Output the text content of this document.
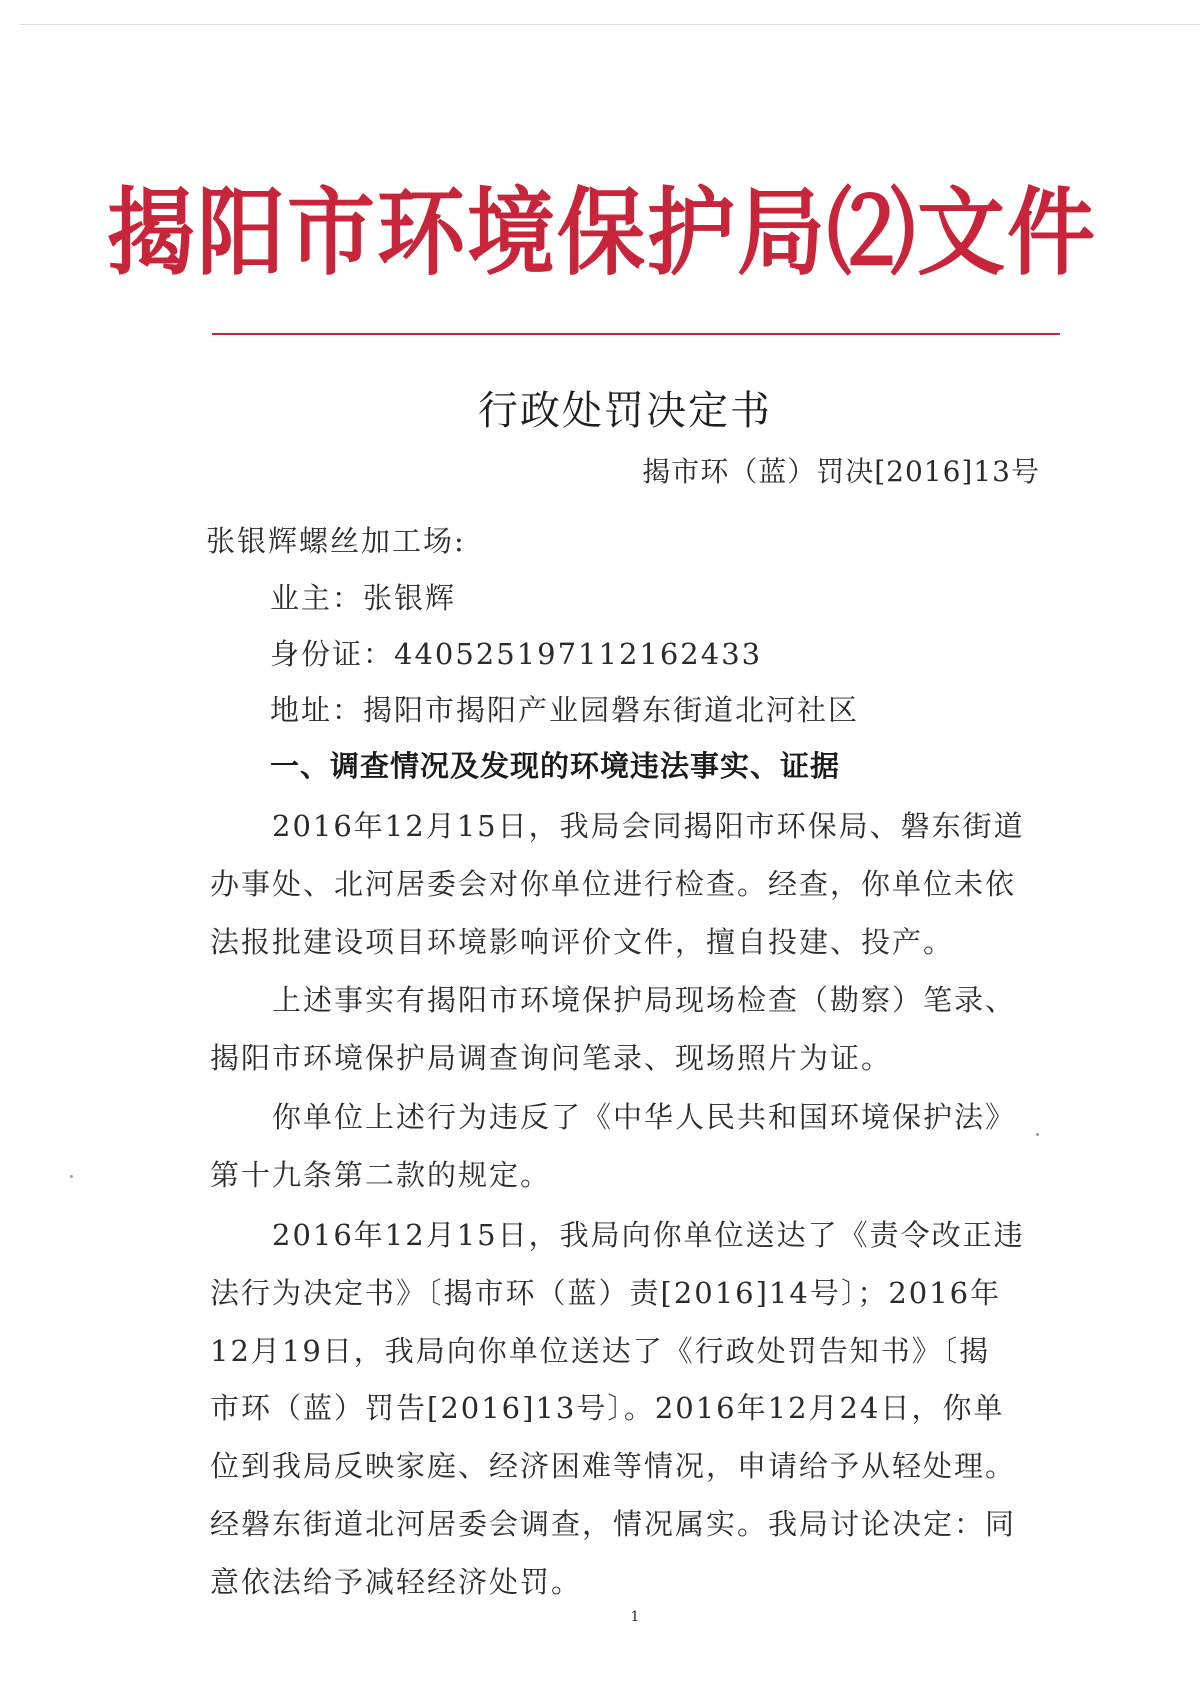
揭阳市环境保护局⑵文件
行政处罚决定书
揭市环（蓝）罚决[2016]13号
张银辉螺丝加工场:
业主：张银辉
身份证：440525197112162433
地址：揭阳市揭阳产业园磐东街道北河社区
一、调查情况及发现的环境违法事实、证据
2016年12月15日，我局会同揭阳市环保局、磐东街道
办事处、北河居委会对你单位进行检查。经查，你单位未依
法报批建设项目环境影响评价文件，擅自投建、投产。
上述事实有揭阳市环境保护局现场检查（勘察）笔录、
揭阳市环境保护局调查询问笔录、现场照片为证。
你单位上述行为违反了《中华人民共和国环境保护法》
第十九条第二款的规定。
2016年12月15日，我局向你单位送达了《责令改正违
法行为决定书》〔揭市环（蓝）责[2016]14号〕；2016年
12月19日，我局向你单位送达了《行政处罚告知书》〔揭
市环（蓝）罚告[2016]13号〕。2016年12月24日，你单
位到我局反映家庭、经济困难等情况，申请给予从轻处理。
经磐东街道北河居委会调查，情况属实。我局讨论决定：同
意依法给予减轻经济处罚。
1
